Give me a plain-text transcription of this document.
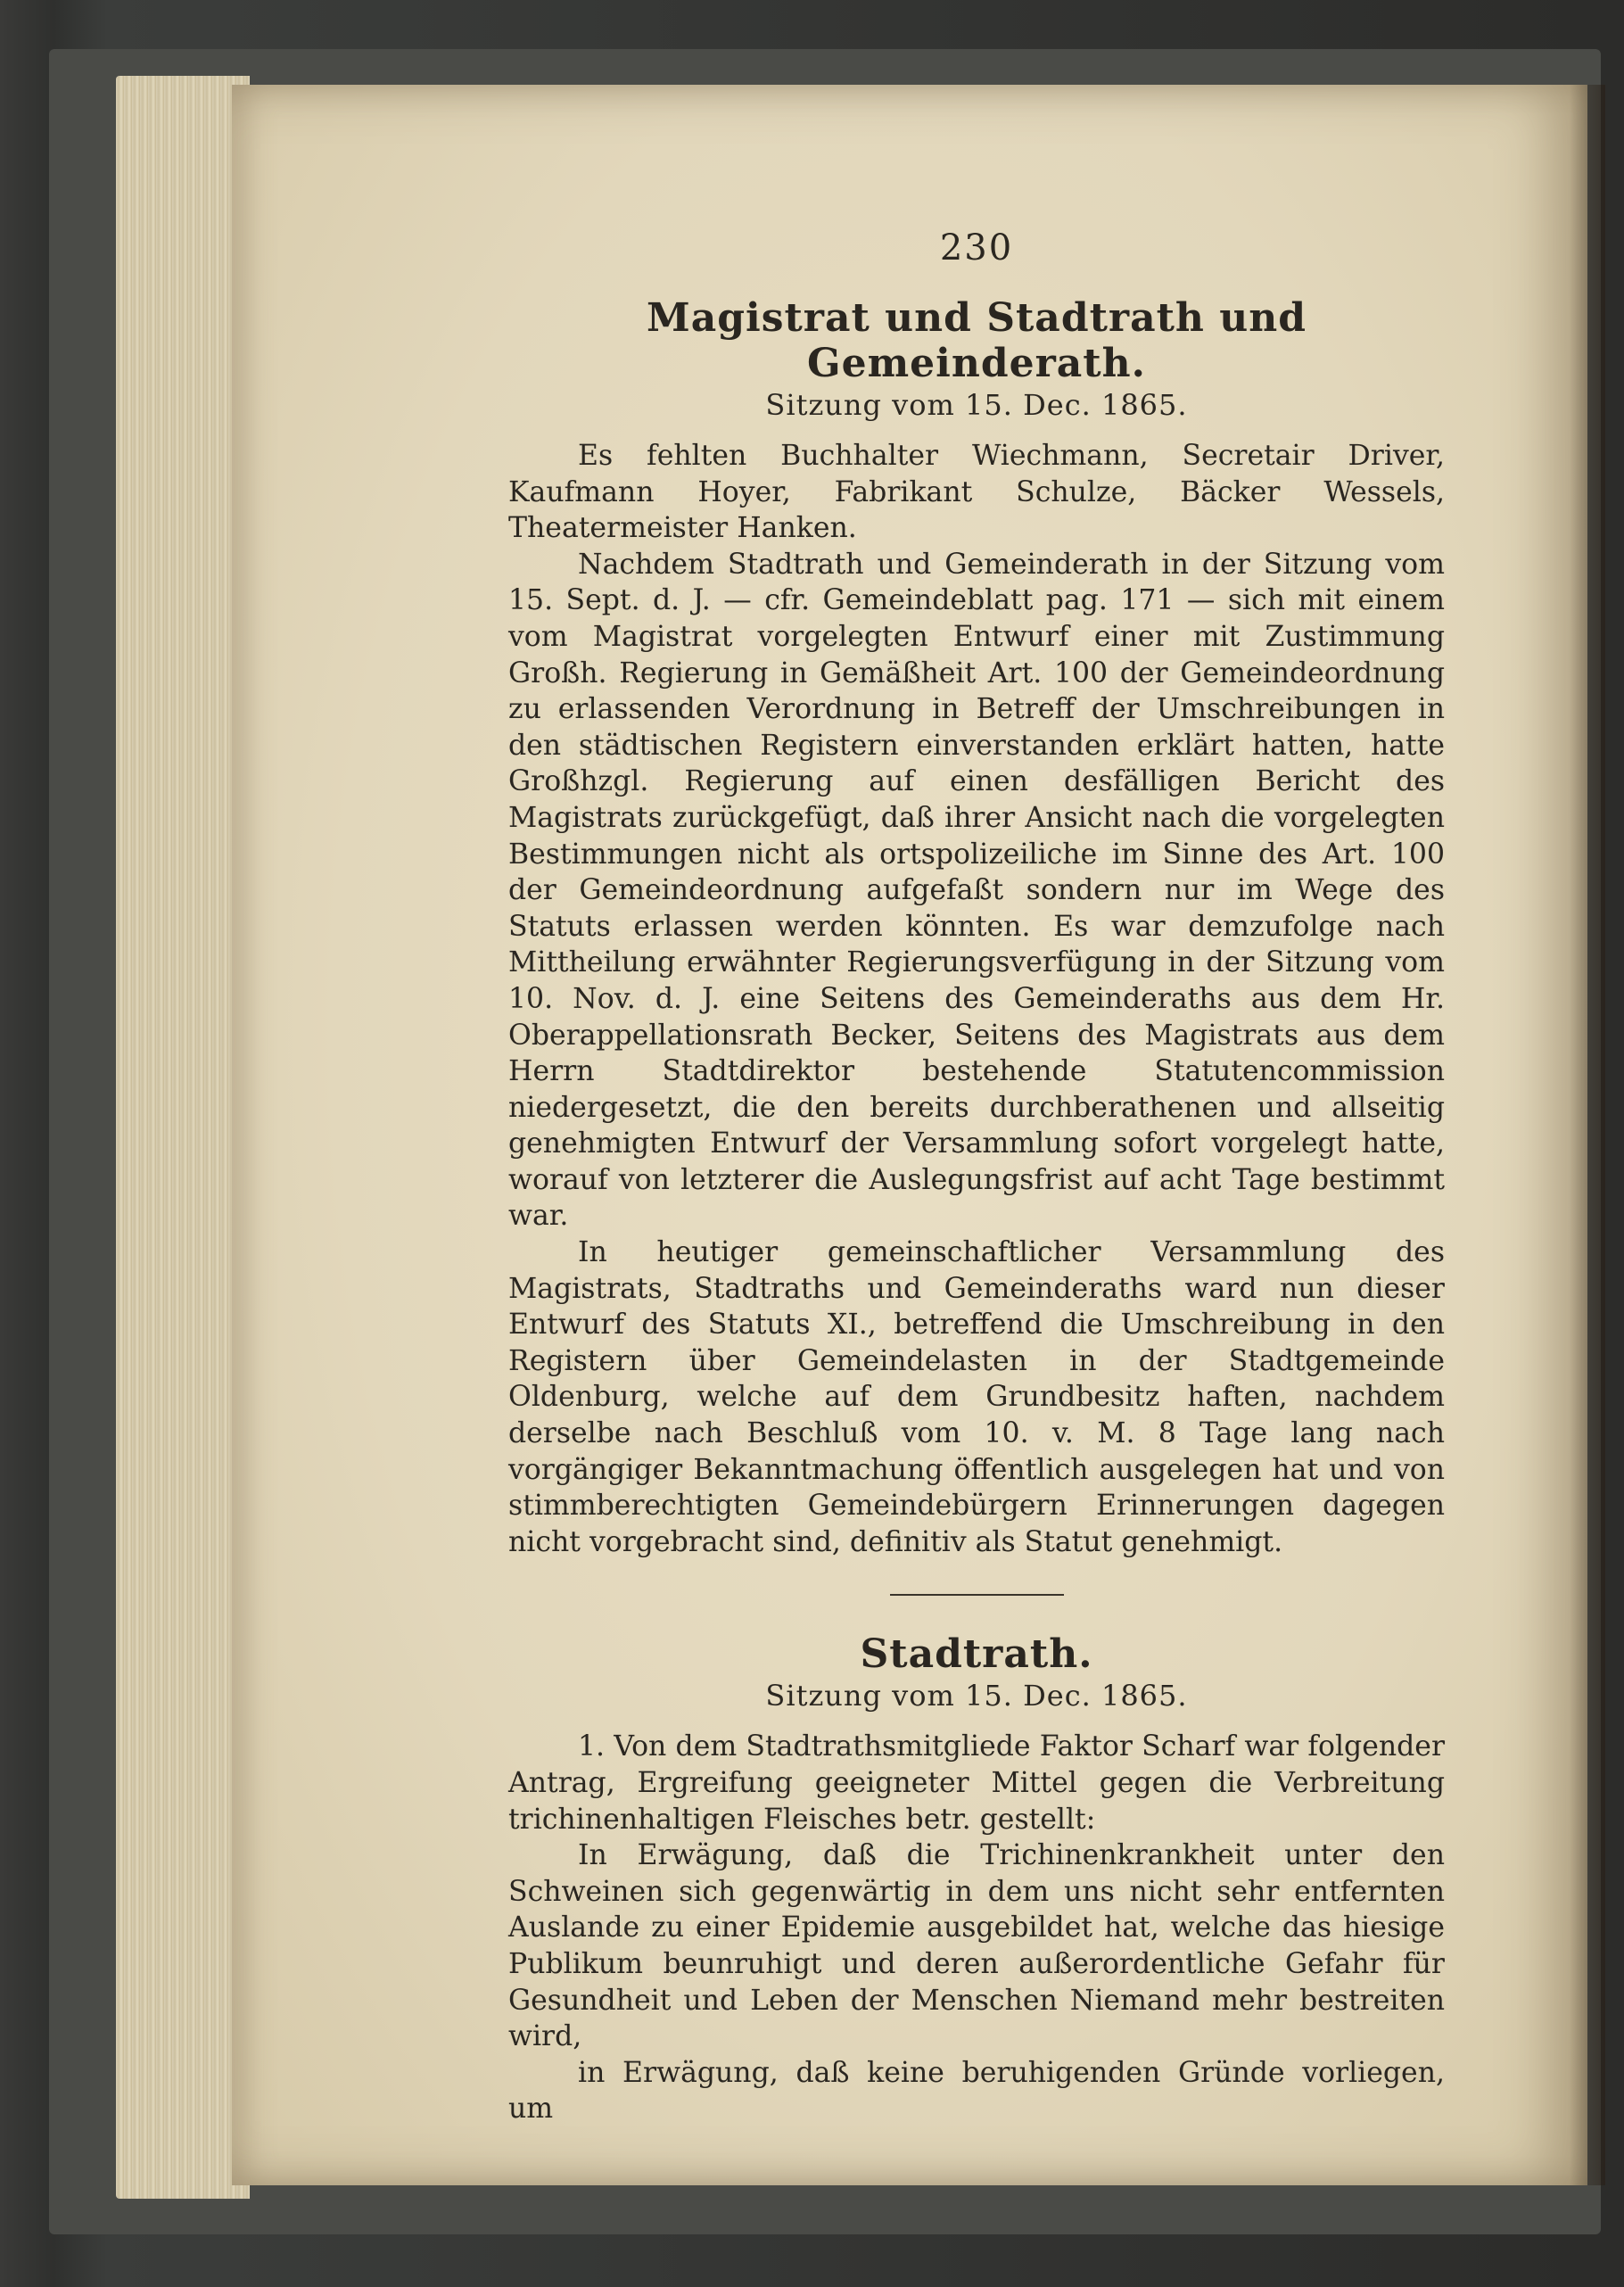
230
Magistrat und Stadtrath und Gemeinderath.
Sitzung vom 15. Dec. 1865.

Es fehlten Buchhalter Wiechmann, Secretair Driver, Kaufmann Hoyer, Fabrikant Schulze, Bäcker Wessels, Theatermeister Hanken.

Nachdem Stadtrath und Gemeinderath in der Sitzung vom 15. Sept. d. J. — cfr. Gemeindeblatt pag. 171 — sich mit einem vom Magistrat vorgelegten Entwurf einer mit Zustimmung Großh. Regierung in Gemäßheit Art. 100 der Gemeindeordnung zu erlassenden Verordnung in Betreff der Umschreibungen in den städtischen Registern einverstanden erklärt hatten, hatte Großhzgl. Regierung auf einen desfälligen Bericht des Magistrats zurückgefügt, daß ihrer Ansicht nach die vorgelegten Bestimmungen nicht als ortspolizeiliche im Sinne des Art. 100 der Gemeindeordnung aufgefaßt sondern nur im Wege des Statuts erlassen werden könnten. Es war demzufolge nach Mittheilung erwähnter Regierungsverfügung in der Sitzung vom 10. Nov. d. J. eine Seitens des Gemeinderaths aus dem Hr. Oberappellationsrath Becker, Seitens des Magistrats aus dem Herrn Stadtdirektor bestehende Statutencommission niedergesetzt, die den bereits durchberathenen und allseitig genehmigten Entwurf der Versammlung sofort vorgelegt hatte, worauf von letzterer die Auslegungsfrist auf acht Tage bestimmt war.

In heutiger gemeinschaftlicher Versammlung des Magistrats, Stadtraths und Gemeinderaths ward nun dieser Entwurf des Statuts XI., betreffend die Umschreibung in den Registern über Gemeindelasten in der Stadtgemeinde Oldenburg, welche auf dem Grundbesitz haften, nachdem derselbe nach Beschluß vom 10. v. M. 8 Tage lang nach vorgängiger Bekanntmachung öffentlich ausgelegen hat und von stimmberechtigten Gemeindebürgern Erinnerungen dagegen nicht vorgebracht sind, definitiv als Statut genehmigt.

Stadtrath.
Sitzung vom 15. Dec. 1865.

1. Von dem Stadtrathsmitgliede Faktor Scharf war folgender Antrag, Ergreifung geeigneter Mittel gegen die Verbreitung trichinenhaltigen Fleisches betr. gestellt:

In Erwägung, daß die Trichinenkrankheit unter den Schweinen sich gegenwärtig in dem uns nicht sehr entfernten Auslande zu einer Epidemie ausgebildet hat, welche das hiesige Publikum beunruhigt und deren außerordentliche Gefahr für Gesundheit und Leben der Menschen Niemand mehr bestreiten wird,

in Erwägung, daß keine beruhigenden Gründe vorliegen, um
